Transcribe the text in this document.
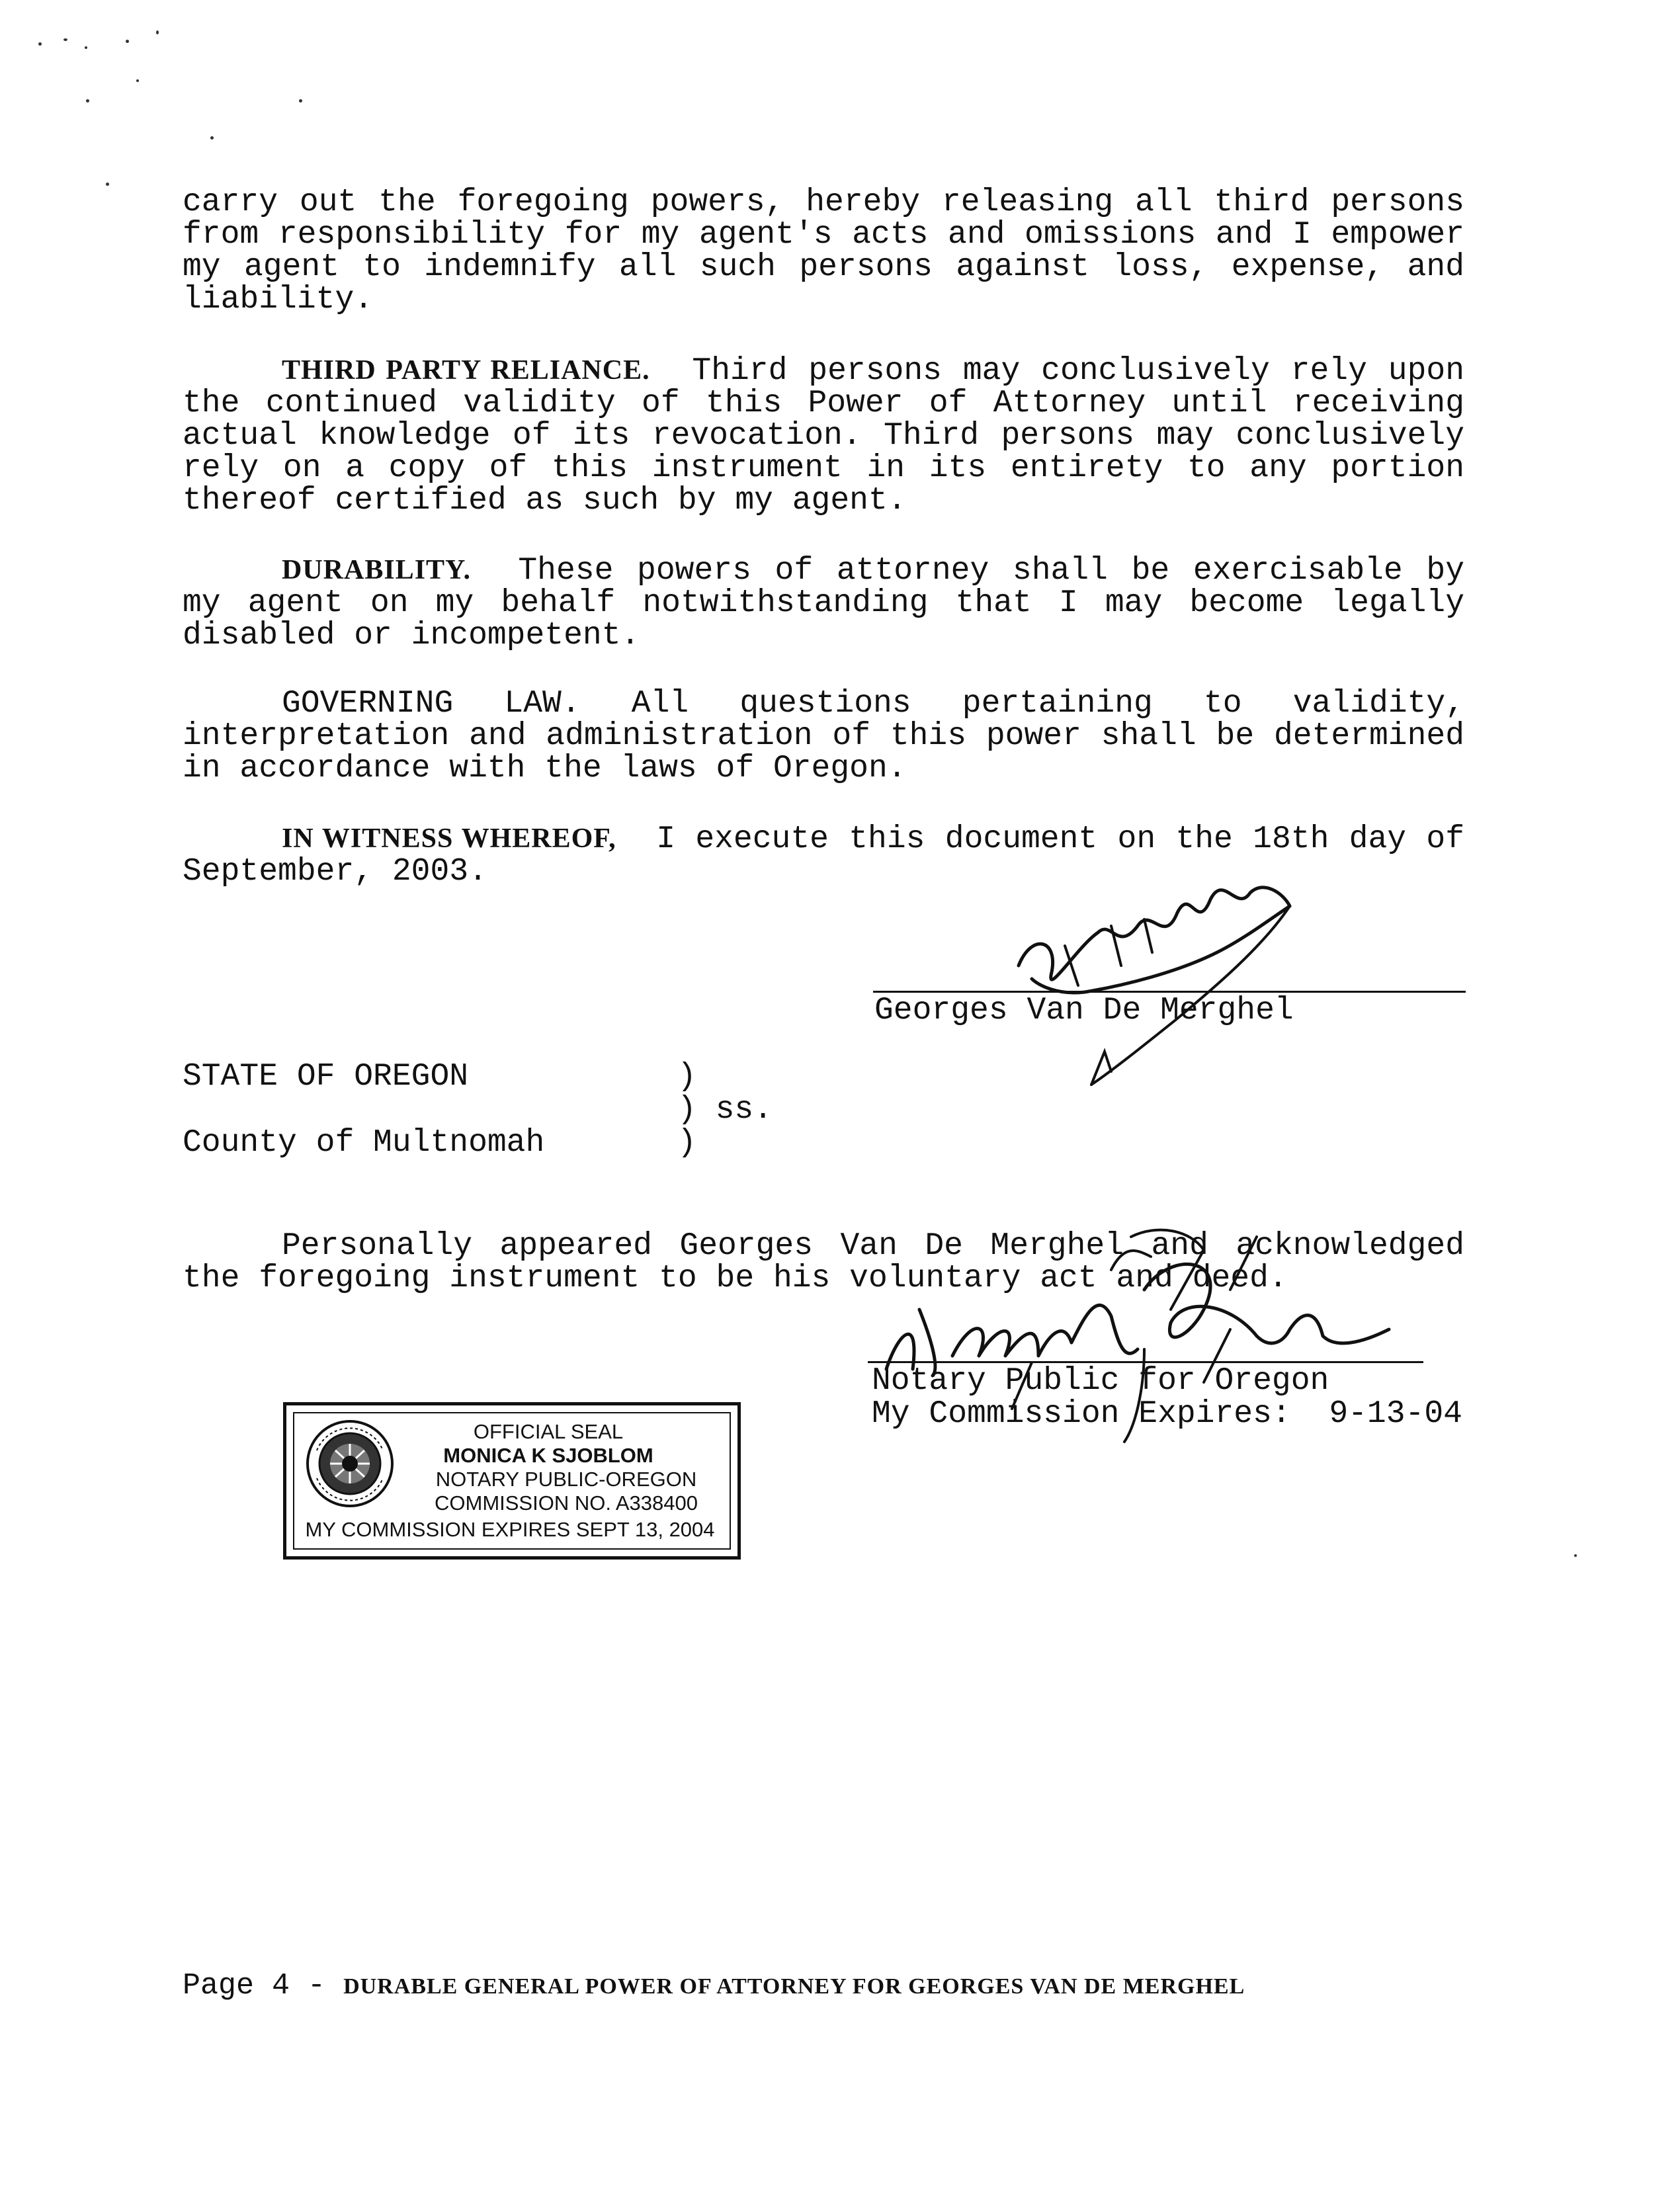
carry out the foregoing powers, hereby releasing all third persons from responsibility for my agent's acts and omissions and I empower my agent to indemnify all such persons against loss, expense, and liability.

THIRD PARTY RELIANCE. Third persons may conclusively rely upon the continued validity of this Power of Attorney until receiving actual knowledge of its revocation. Third persons may conclusively rely on a copy of this instrument in its entirety to any portion thereof certified as such by my agent.

DURABILITY. These powers of attorney shall be exercisable by my agent on my behalf notwithstanding that I may become legally disabled or incompetent.

GOVERNING LAW. All questions pertaining to validity, interpretation and administration of this power shall be determined in accordance with the laws of Oregon.

IN WITNESS WHEREOF, I execute this document on the 18th day of September, 2003.

Georges Van De Merghel
STATE OF OREGON	)
) ss.
County of Multnomah	)

Personally appeared Georges Van De Merghel and acknowledged the foregoing instrument to be his voluntary act and deed.

Notary Public for Oregon
My Commission Expires: 9-13-04
OFFICIAL SEAL
MONICA K SJOBLOM
NOTARY PUBLIC-OREGON
COMMISSION NO. A338400
MY COMMISSION EXPIRES SEPT 13, 2004
Page 4 - DURABLE GENERAL POWER OF ATTORNEY FOR GEORGES VAN DE MERGHEL
